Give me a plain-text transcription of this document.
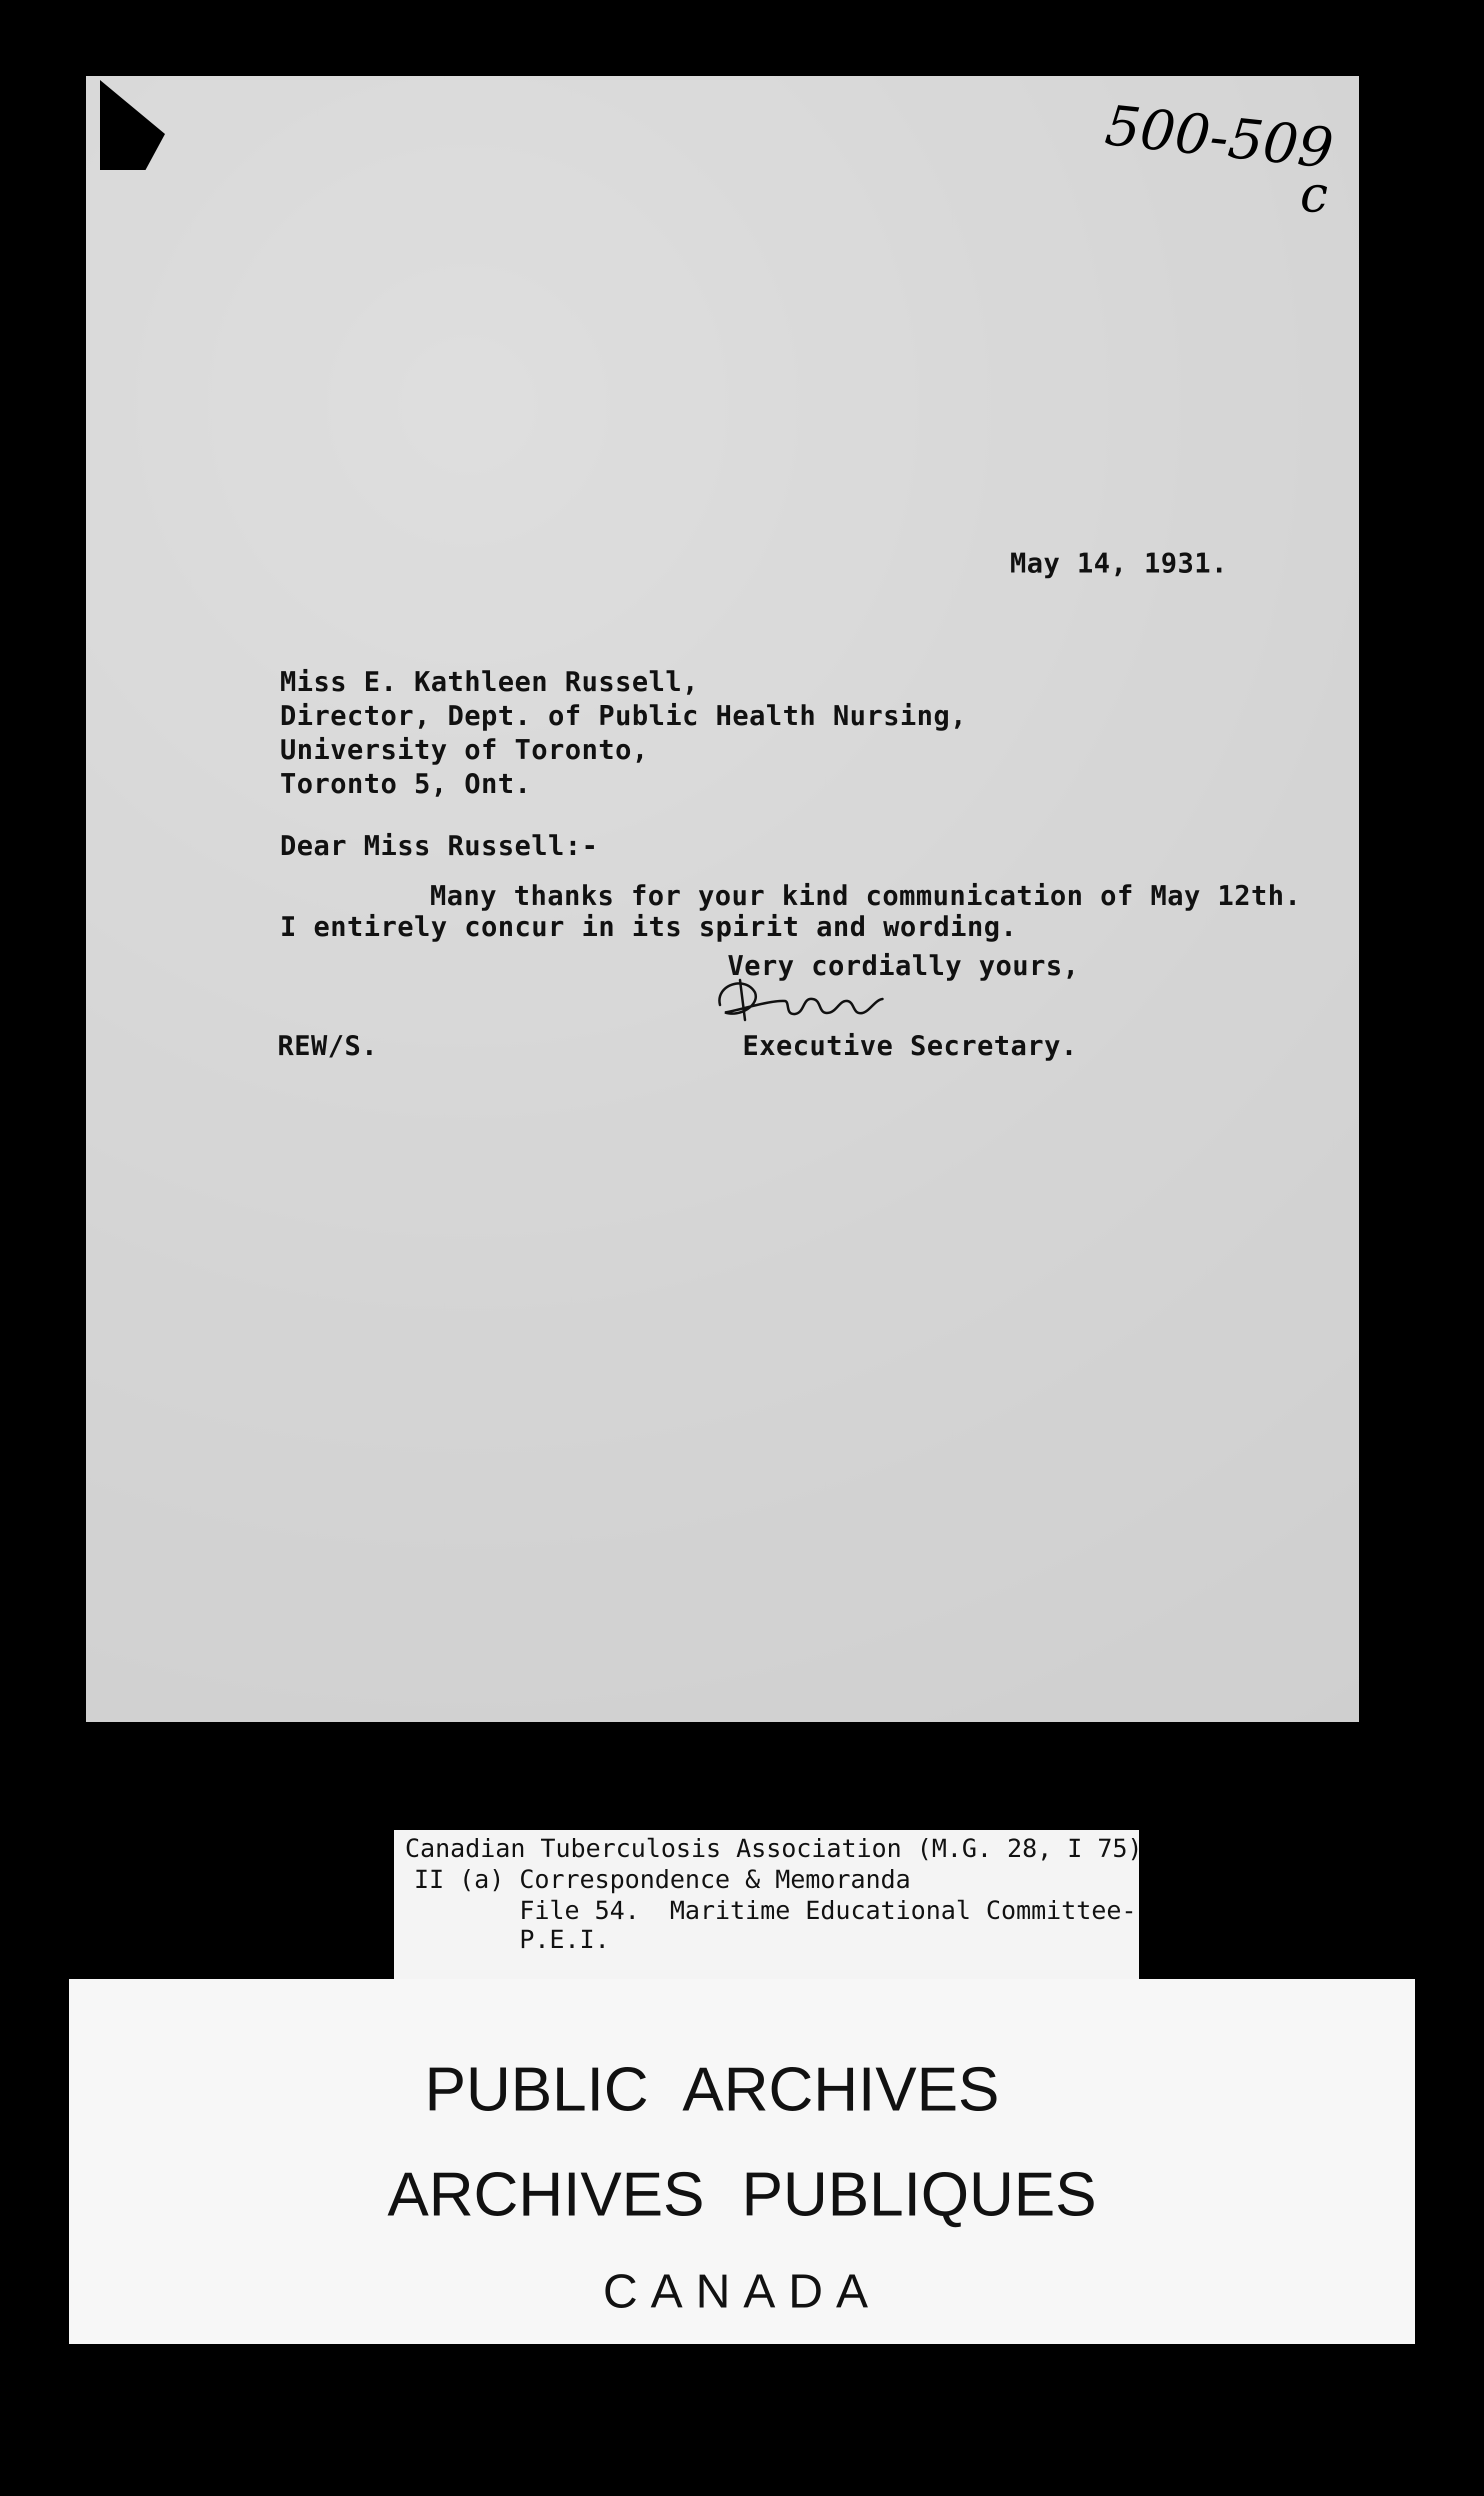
500-509
c
May 14, 1931.
Miss E. Kathleen Russell,
Director, Dept. of Public Health Nursing,
University of Toronto,
Toronto 5, Ont.
Dear Miss Russell:-
Many thanks for your kind communication of May 12th.
I entirely concur in its spirit and wording.
Very cordially yours,
REW/S.	Executive Secretary.
Canadian Tuberculosis Association (M.G. 28, I 75)
II (a) Correspondence & Memoranda
File 54.  Maritime Educational Committee-
P.E.I.
PUBLIC ARCHIVES
ARCHIVES PUBLIQUES
CANADA
